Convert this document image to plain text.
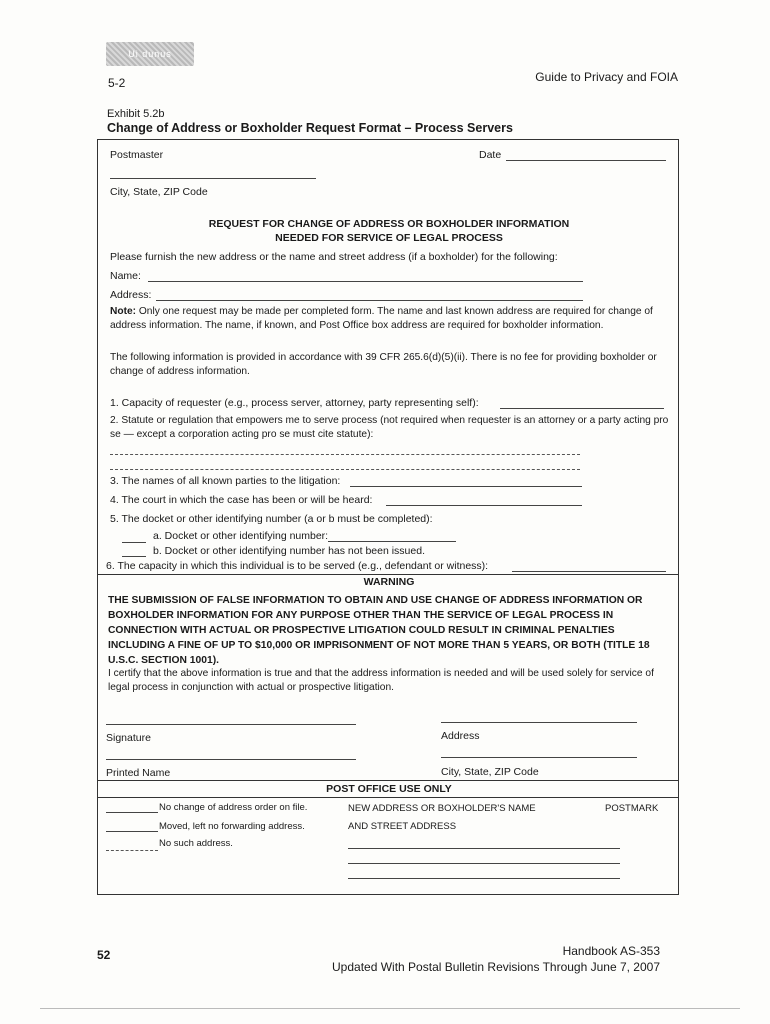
Ui dunus
5-2	Guide to Privacy and FOIA
Exhibit 5.2b
Change of Address or Boxholder Request Format – Process Servers
Postmaster	Date
City, State, ZIP Code
REQUEST FOR CHANGE OF ADDRESS OR BOXHOLDER INFORMATION
NEEDED FOR SERVICE OF LEGAL PROCESS
Please furnish the new address or the name and street address (if a boxholder) for the following:
Name:
Address:
Note: Only one request may be made per completed form. The name and last known address are required for change of address information. The name, if known, and Post Office box address are required for boxholder information.
The following information is provided in accordance with 39 CFR 265.6(d)(5)(ii). There is no fee for providing boxholder or change of address information.
1. Capacity of requester (e.g., process server, attorney, party representing self):
2. Statute or regulation that empowers me to serve process (not required when requester is an attorney or a party acting pro se — except a corporation acting pro se must cite statute):
3. The names of all known parties to the litigation:
4. The court in which the case has been or will be heard:
5. The docket or other identifying number (a or b must be completed):
a. Docket or other identifying number:
b. Docket or other identifying number has not been issued.
6. The capacity in which this individual is to be served (e.g., defendant or witness):
WARNING
THE SUBMISSION OF FALSE INFORMATION TO OBTAIN AND USE CHANGE OF ADDRESS INFORMATION OR BOXHOLDER INFORMATION FOR ANY PURPOSE OTHER THAN THE SERVICE OF LEGAL PROCESS IN CONNECTION WITH ACTUAL OR PROSPECTIVE LITIGATION COULD RESULT IN CRIMINAL PENALTIES INCLUDING A FINE OF UP TO $10,000 OR IMPRISONMENT OF NOT MORE THAN 5 YEARS, OR BOTH (TITLE 18 U.S.C. SECTION 1001).
I certify that the above information is true and that the address information is needed and will be used solely for service of legal process in conjunction with actual or prospective litigation.
Signature	Address
Printed Name	City, State, ZIP Code
POST OFFICE USE ONLY
No change of address order on file.
Moved, left no forwarding address.
No such address.
NEW ADDRESS OR BOXHOLDER'S NAME
AND STREET ADDRESS
POSTMARK
52	Handbook AS-353
Updated With Postal Bulletin Revisions Through June 7, 2007
